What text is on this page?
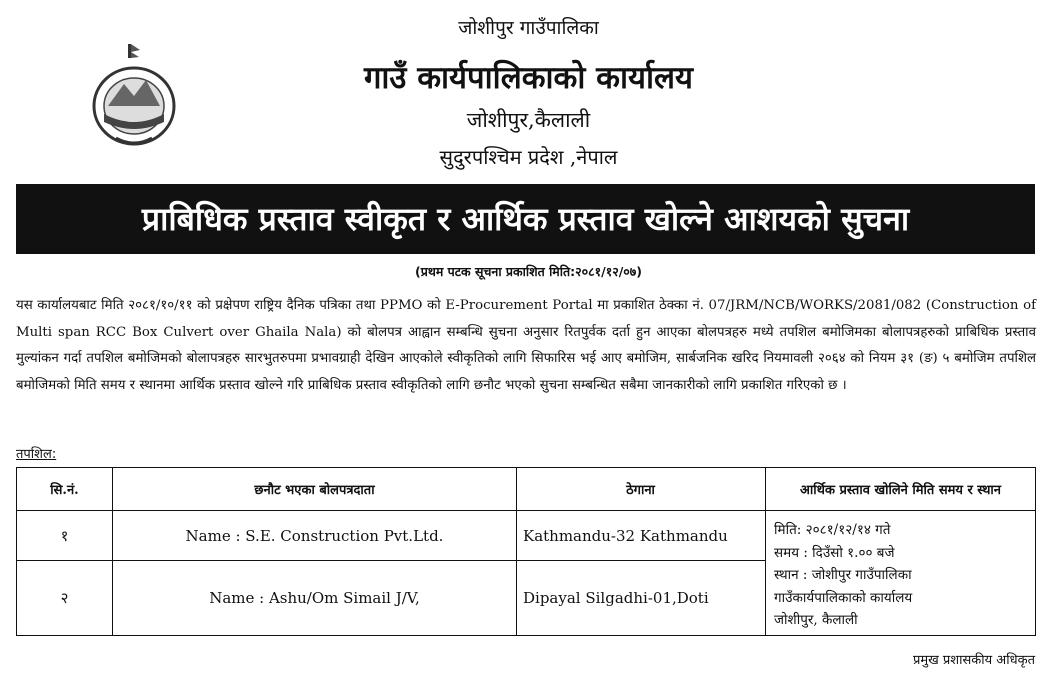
जोशीपुर गाउँपालिका
गाउँ कार्यपालिकाको कार्यालय
जोशीपुर,कैलाली
सुदुरपश्चिम प्रदेश ,नेपाल
प्राबिधिक प्रस्ताव स्वीकृत र आर्थिक प्रस्ताव खोल्ने आशयको सुचना
(प्रथम पटक सूचना प्रकाशित मिति:२०८१/१२/०७)
यस कार्यालयबाट मिति २०८१/१०/११ को प्रक्षेपण राष्ट्रिय दैनिक पत्रिका तथा PPMO को E-Procurement Portal मा प्रकाशित ठेक्का नं. 07/JRM/NCB/WORKS/2081/082 (Construction of Multi span RCC Box Culvert over Ghaila Nala) को बोलपत्र आह्वान सम्बन्धि सुचना अनुसार रितपुर्वक दर्ता हुन आएका बोलपत्रहरु मध्ये तपशिल बमोजिमका बोलापत्रहरुको प्राबिधिक प्रस्ताव मुल्यांकन गर्दा तपशिल बमोजिमको बोलापत्रहरु सारभुतरुपमा प्रभावग्राही देखिन आएकोले स्वीकृतिको लागि सिफारिस भई आए बमोजिम, सार्बजनिक खरिद नियमावली २०६४ को नियम ३१ (ङ) ५ बमोजिम तपशिल बमोजिमको मिति समय र स्थानमा आर्थिक प्रस्ताव खोल्ने गरि प्राबिधिक प्रस्ताव स्वीकृतिको लागि छनौट भएको सुचना सम्बन्धित सबैमा जानकारीको लागि प्रकाशित गरिएको छ ।
तपशिल:
सि.नं.	छनौट भएका बोलपत्रदाता	ठेगाना	आर्थिक प्रस्ताव खोलिने मिति समय र स्थान
१	Name : S.E. Construction Pvt.Ltd.	Kathmandu-32 Kathmandu	मिति: २०८१/१२/१४ गते
समय : दिउँसो १.०० बजे
स्थान : जोशीपुर गाउँपालिका
गाउँकार्यपालिकाको कार्यालय
जोशीपुर, कैलाली

२	Name : Ashu/Om Simail J/V,	Dipayal Silgadhi-01,Doti	
प्रमुख प्रशासकीय अधिकृत
